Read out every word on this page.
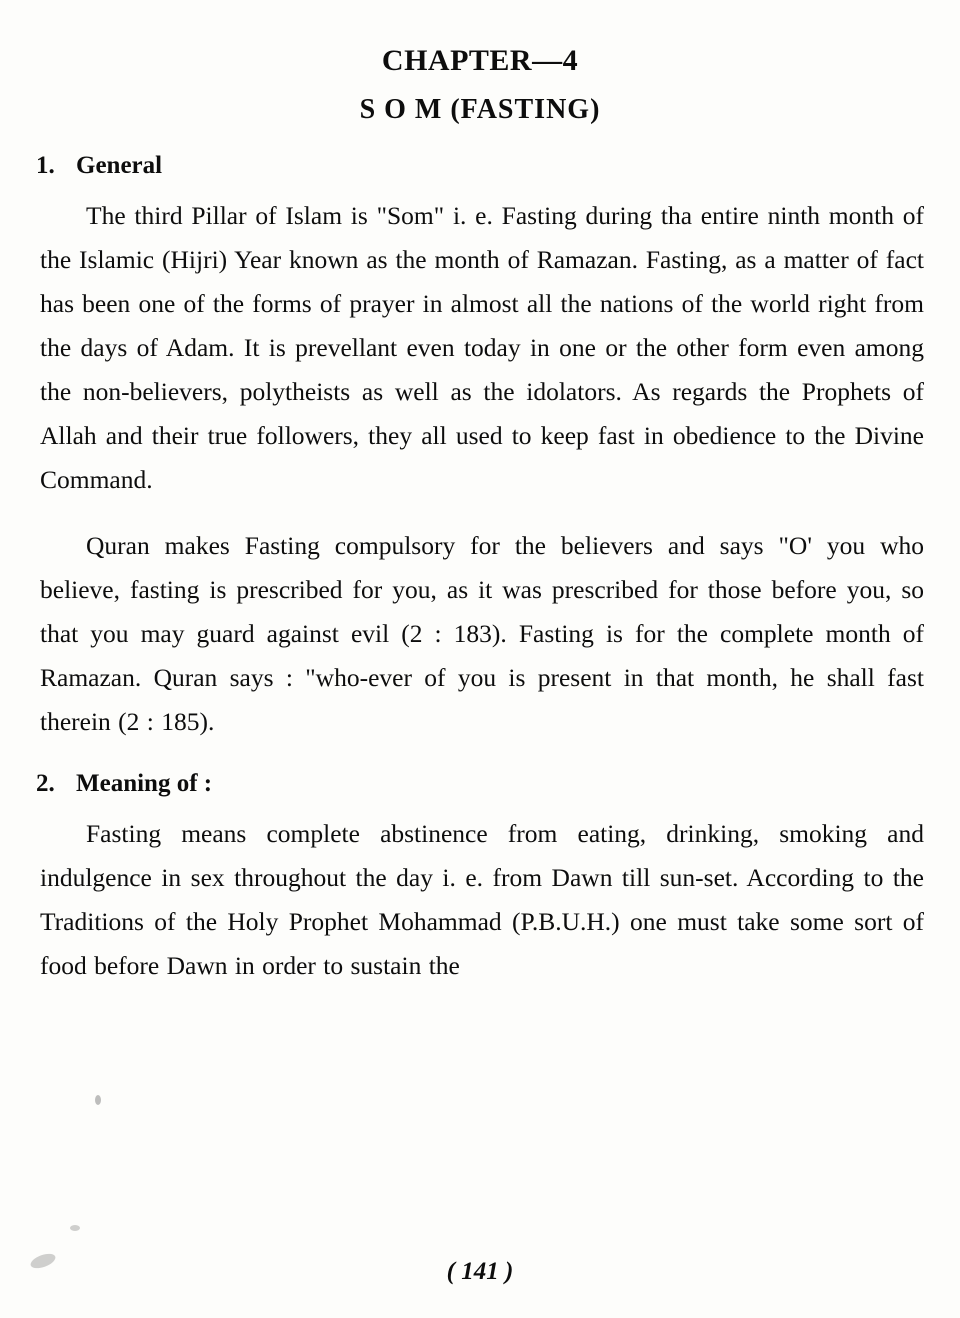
CHAPTER—4
S O M (FASTING)
1. General

The third Pillar of Islam is "Som" i. e. Fasting during tha entire ninth month of the Islamic (Hijri) Year known as the month of Ramazan. Fasting, as a matter of fact has been one of the forms of prayer in almost all the nations of the world right from the days of Adam. It is prevellant even today in one or the other form even among the non-believers, polytheists as well as the idolators. As regards the Prophets of Allah and their true followers, they all used to keep fast in obedience to the Divine Command.

Quran makes Fasting compulsory for the believers and says "O' you who believe, fasting is prescribed for you, as it was prescribed for those before you, so that you may guard against evil (2 : 183). Fasting is for the complete month of Ramazan. Quran says : "who-ever of you is present in that month, he shall fast therein (2 : 185).

2. Meaning of :

Fasting means complete abstinence from eating, drinking, smoking and indulgence in sex throughout the day i. e. from Dawn till sun-set. According to the Traditions of the Holy Prophet Mohammad (P.B.U.H.) one must take some sort of food before Dawn in order to sustain the

( 141 )
